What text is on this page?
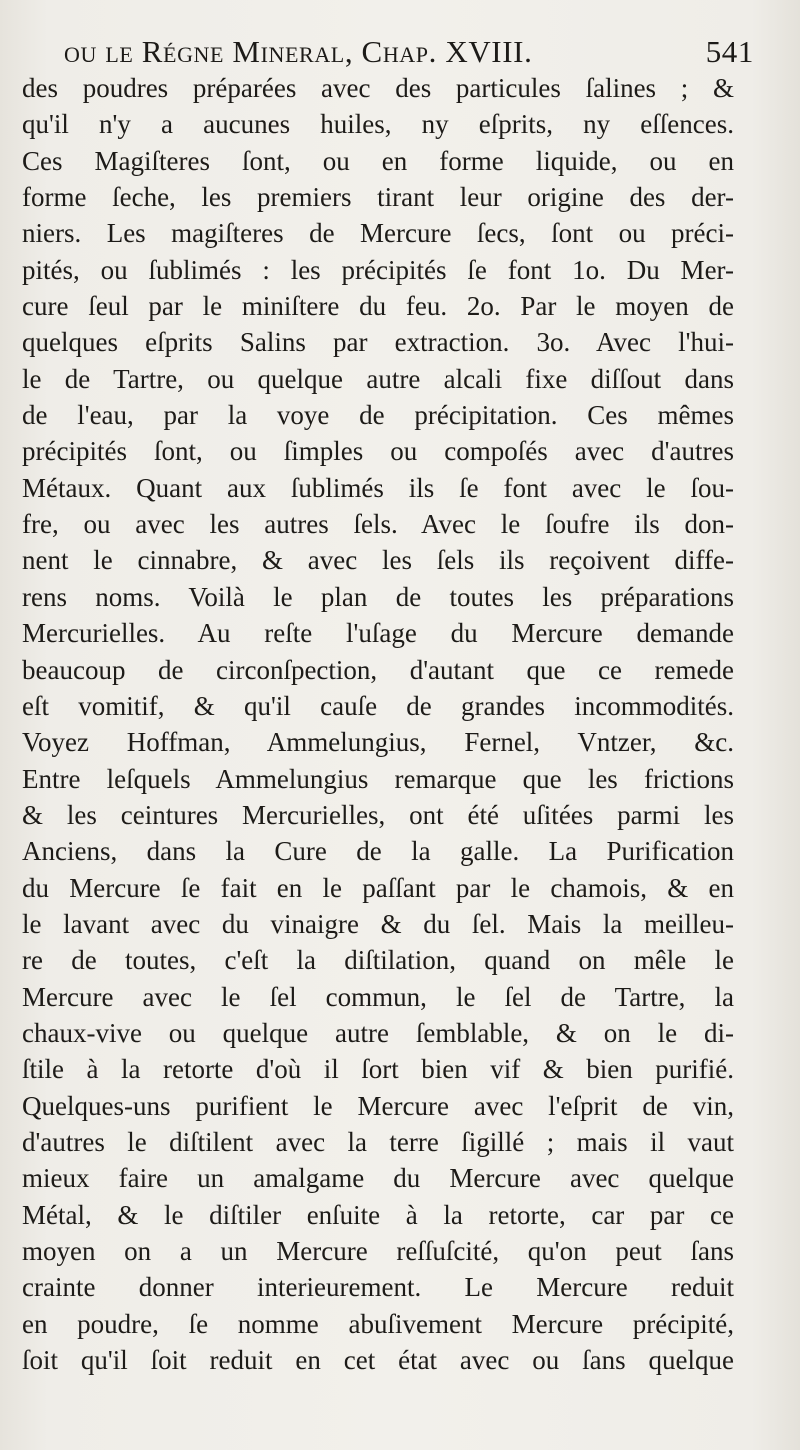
ou le Régne Mineral, Chap. XVIII.	541
des poudres préparées avec des particules ſalines ; &
qu'il n'y a aucunes huiles, ny eſprits, ny eſſences.
Ces Magiſteres ſont, ou en forme liquide, ou en
forme ſeche, les premiers tirant leur origine des der-
niers. Les magiſteres de Mercure ſecs, ſont ou préci-
pités, ou ſublimés : les précipités ſe font 1o. Du Mer-
cure ſeul par le miniſtere du feu. 2o. Par le moyen de
quelques eſprits Salins par extraction. 3o. Avec l'hui-
le de Tartre, ou quelque autre alcali fixe diſſout dans
de l'eau, par la voye de précipitation. Ces mêmes
précipités ſont, ou ſimples ou compoſés avec d'autres
Métaux. Quant aux ſublimés ils ſe font avec le ſou-
fre, ou avec les autres ſels. Avec le ſoufre ils don-
nent le cinnabre, & avec les ſels ils reçoivent diffe-
rens noms. Voilà le plan de toutes les préparations
Mercurielles. Au reſte l'uſage du Mercure demande
beaucoup de circonſpection, d'autant que ce remede
eſt vomitif, & qu'il cauſe de grandes incommodités.
Voyez Hoffman, Ammelungius, Fernel, Vntzer, &c.
Entre leſquels Ammelungius remarque que les frictions
& les ceintures Mercurielles, ont été uſitées parmi les
Anciens, dans la Cure de la galle. La Purification
du Mercure ſe fait en le paſſant par le chamois, & en
le lavant avec du vinaigre & du ſel. Mais la meilleu-
re de toutes, c'eſt la diſtilation, quand on mêle le
Mercure avec le ſel commun, le ſel de Tartre, la
chaux-vive ou quelque autre ſemblable, & on le di-
ſtile à la retorte d'où il ſort bien vif & bien purifié.
Quelques-uns purifient le Mercure avec l'eſprit de vin,
d'autres le diſtilent avec la terre ſigillé ; mais il vaut
mieux faire un amalgame du Mercure avec quelque
Métal, & le diſtiler enſuite à la retorte, car par ce
moyen on a un Mercure reſſuſcité, qu'on peut ſans
crainte donner interieurement. Le Mercure reduit
en poudre, ſe nomme abuſivement Mercure précipité,
ſoit qu'il ſoit reduit en cet état avec ou ſans quelque
